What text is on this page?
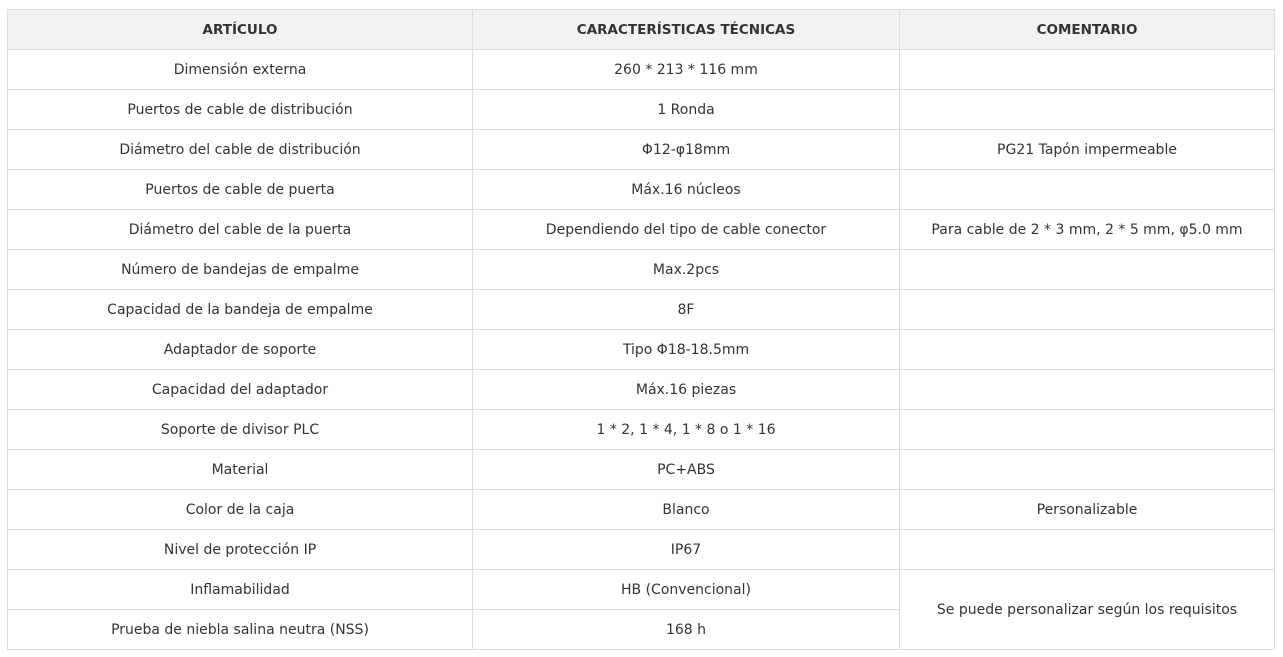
ARTÍCULO	CARACTERÍSTICAS TÉCNICAS	COMENTARIO
Dimensión externa	260 * 213 * 116 mm	
Puertos de cable de distribución	1 Ronda	
Diámetro del cable de distribución	Φ12-φ18mm	PG21 Tapón impermeable
Puertos de cable de puerta	Máx.16 núcleos	
Diámetro del cable de la puerta	Dependiendo del tipo de cable conector	Para cable de 2 * 3 mm, 2 * 5 mm, φ5.0 mm
Número de bandejas de empalme	Max.2pcs	
Capacidad de la bandeja de empalme	8F	
Adaptador de soporte	Tipo Φ18-18.5mm	
Capacidad del adaptador	Máx.16 piezas	
Soporte de divisor PLC	1 * 2, 1 * 4, 1 * 8 o 1 * 16	
Material	PC+ABS	
Color de la caja	Blanco	Personalizable
Nivel de protección IP	IP67	
Inflamabilidad	HB (Convencional)	Se puede personalizar según los requisitos
Prueba de niebla salina neutra (NSS)	168 h	
